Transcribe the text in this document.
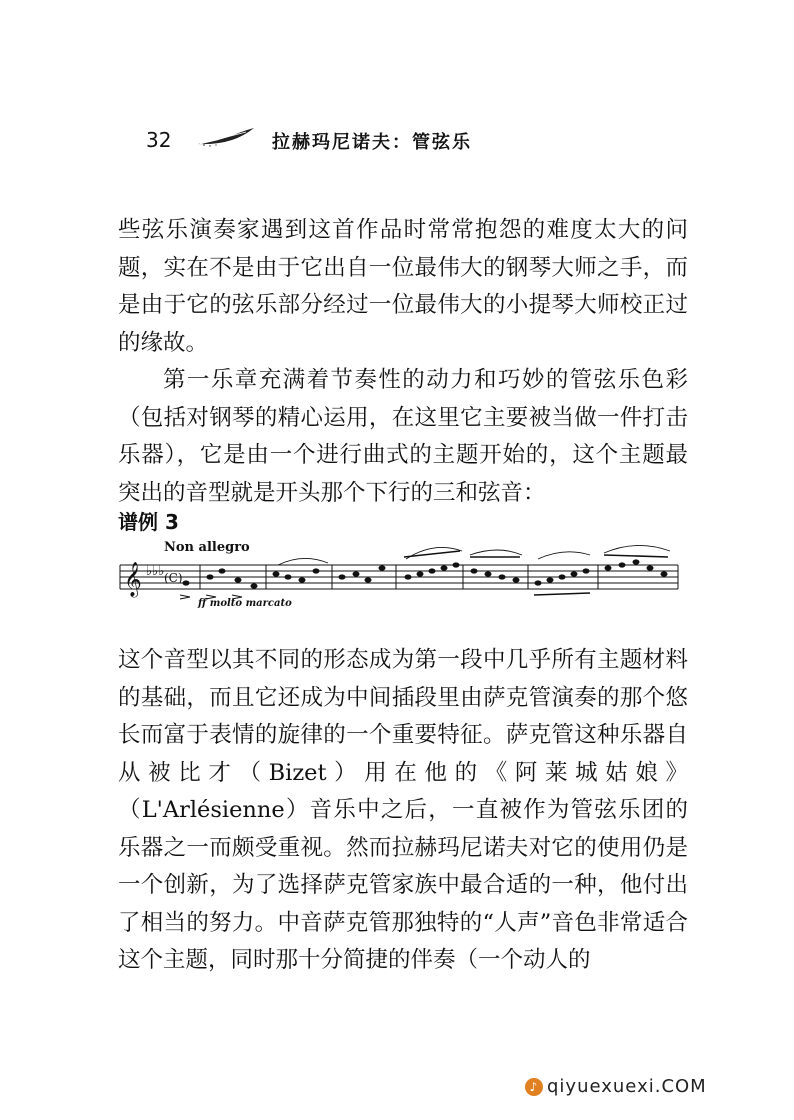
32	拉赫玛尼诺夫：管弦乐

些弦乐演奏家遇到这首作品时常常抱怨的难度太大的问题，实在不是由于它出自一位最伟大的钢琴大师之手，而是由于它的弦乐部分经过一位最伟大的小提琴大师校正过的缘故。

第一乐章充满着节奏性的动力和巧妙的管弦乐色彩（包括对钢琴的精心运用，在这里它主要被当做一件打击乐器），它是由一个进行曲式的主题开始的，这个主题最突出的音型就是开头那个下行的三和弦音：

谱例 3
Non allegro
𝄞 ♭♭♭ (C)
ff molto marcato

这个音型以其不同的形态成为第一段中几乎所有主题材料的基础，而且它还成为中间插段里由萨克管演奏的那个悠长而富于表情的旋律的一个重要特征。萨克管这种乐器自从被比才（Bizet）用在他的《阿莱城姑娘》（L'Arlésienne）音乐中之后，一直被作为管弦乐团的乐器之一而颇受重视。然而拉赫玛尼诺夫对它的使用仍是一个创新，为了选择萨克管家族中最合适的一种，他付出了相当的努力。中音萨克管那独特的“人声”音色非常适合这个主题，同时那十分简捷的伴奏（一个动人的

♪ qiyuexuexi.COM
